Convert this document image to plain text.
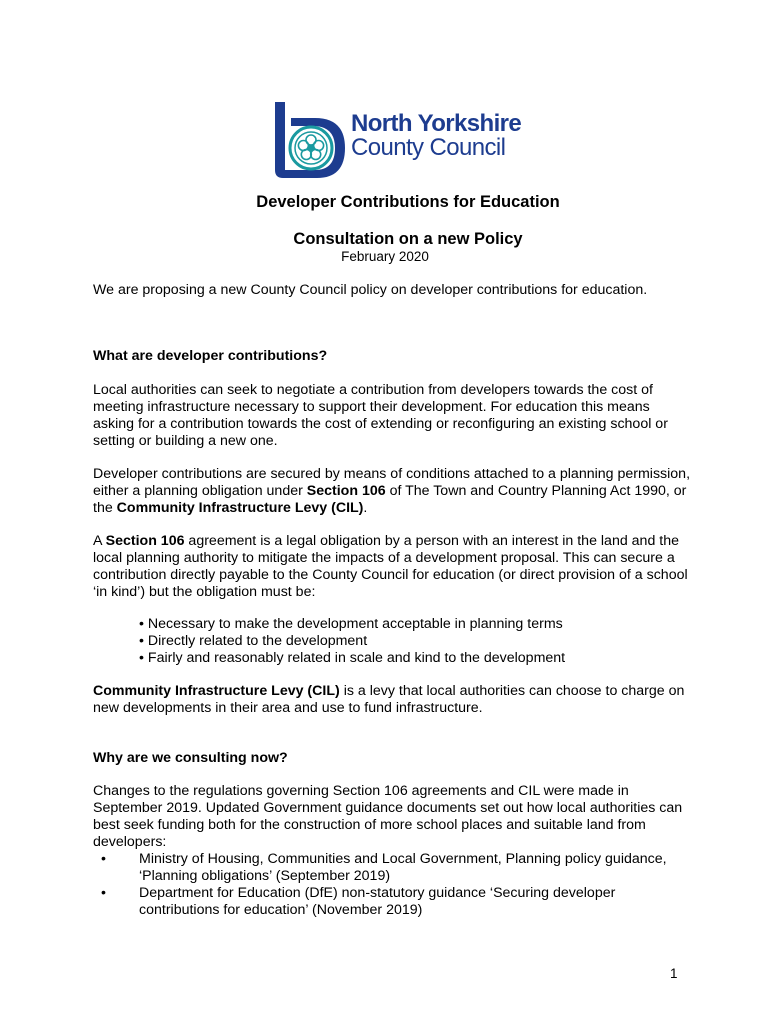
North Yorkshire
County Council
Developer Contributions for Education
Consultation on a new Policy
February 2020
We are proposing a new County Council policy on developer contributions for education.
What are developer contributions?
Local authorities can seek to negotiate a contribution from developers towards the cost of meeting infrastructure necessary to support their development. For education this means asking for a contribution towards the cost of extending or reconfiguring an existing school or setting or building a new one.
Developer contributions are secured by means of conditions attached to a planning permission, either a planning obligation under Section 106 of The Town and Country Planning Act 1990, or the Community Infrastructure Levy (CIL).
A Section 106 agreement is a legal obligation by a person with an interest in the land and the local planning authority to mitigate the impacts of a development proposal. This can secure a contribution directly payable to the County Council for education (or direct provision of a school ‘in kind’) but the obligation must be:
• Necessary to make the development acceptable in planning terms
• Directly related to the development
• Fairly and reasonably related in scale and kind to the development
Community Infrastructure Levy (CIL) is a levy that local authorities can choose to charge on new developments in their area and use to fund infrastructure.
Why are we consulting now?
Changes to the regulations governing Section 106 agreements and CIL were made in September 2019. Updated Government guidance documents set out how local authorities can best seek funding both for the construction of more school places and suitable land from developers:
• Ministry of Housing, Communities and Local Government, Planning policy guidance, ‘Planning obligations’ (September 2019)
• Department for Education (DfE) non-statutory guidance ‘Securing developer contributions for education’ (November 2019)
1
